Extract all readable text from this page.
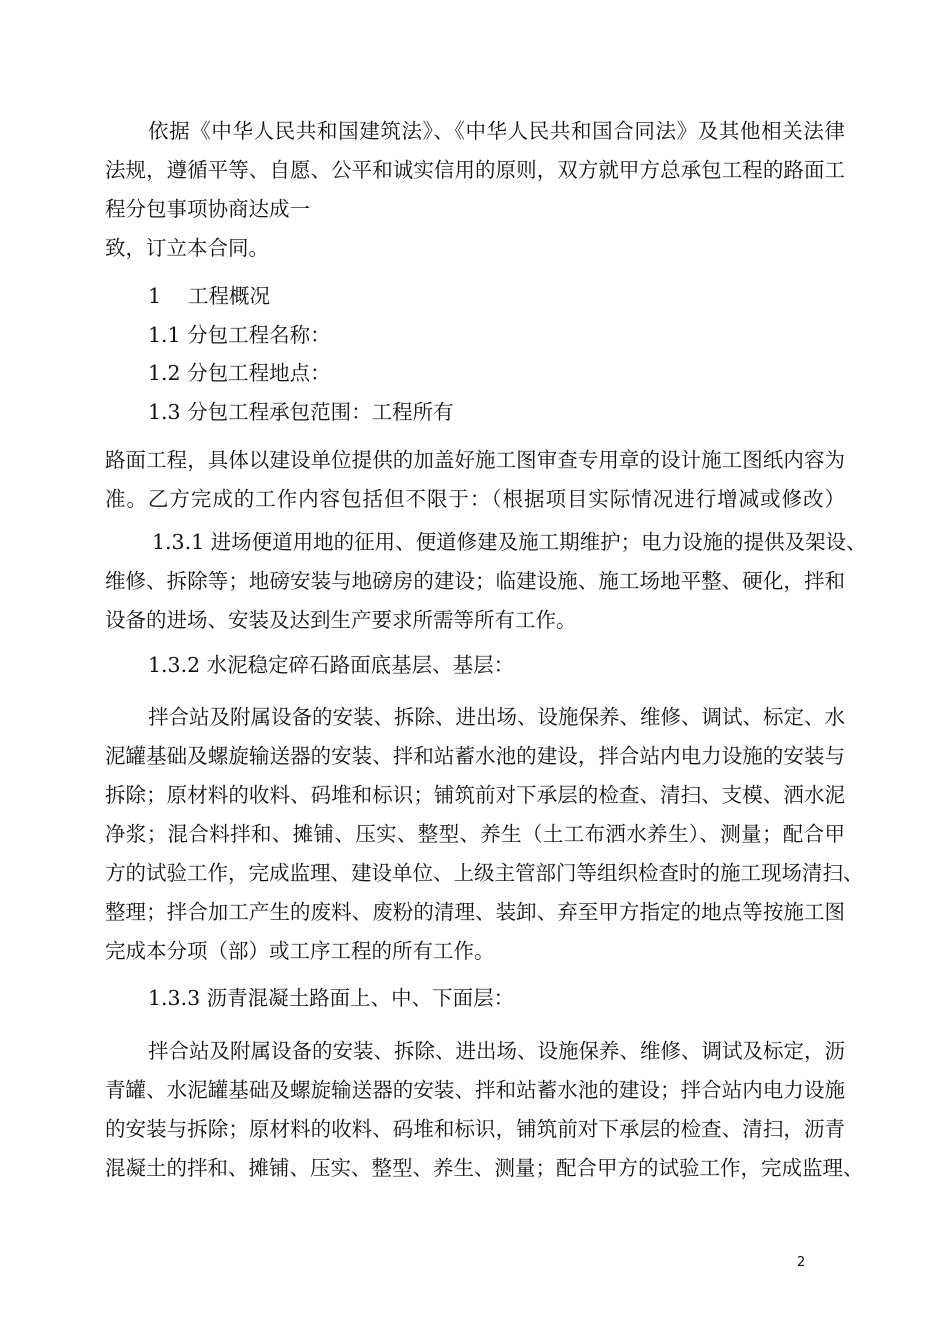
依据《中华人民共和国建筑法》、《中华人民共和国合同法》及其他相关法律
法规，遵循平等、自愿、公平和诚实信用的原则，双方就甲方总承包工程的路面工
程分包事项协商达成一
致，订立本合同。
1　 工程概况
1.1 分包工程名称：
1.2 分包工程地点：
1.3 分包工程承包范围：工程所有
路面工程，具体以建设单位提供的加盖好施工图审查专用章的设计施工图纸内容为
准。乙方完成的工作内容包括但不限于：（根据项目实际情况进行增减或修改）
1.3.1 进场便道用地的征用、便道修建及施工期维护；电力设施的提供及架设、
维修、拆除等；地磅安装与地磅房的建设；临建设施、施工场地平整、硬化，拌和
设备的进场、安装及达到生产要求所需等所有工作。
1.3.2 水泥稳定碎石路面底基层、基层：
拌合站及附属设备的安装、拆除、进出场、设施保养、维修、调试、标定、水
泥罐基础及螺旋输送器的安装、拌和站蓄水池的建设，拌合站内电力设施的安装与
拆除；原材料的收料、码堆和标识；铺筑前对下承层的检查、清扫、支模、洒水泥
净浆；混合料拌和、摊铺、压实、整型、养生（土工布洒水养生）、测量；配合甲
方的试验工作，完成监理、建设单位、上级主管部门等组织检查时的施工现场清扫、
整理；拌合加工产生的废料、废粉的清理、装卸、弃至甲方指定的地点等按施工图
完成本分项（部）或工序工程的所有工作。
1.3.3 沥青混凝土路面上、中、下面层：
拌合站及附属设备的安装、拆除、进出场、设施保养、维修、调试及标定，沥
青罐、水泥罐基础及螺旋输送器的安装、拌和站蓄水池的建设；拌合站内电力设施
的安装与拆除；原材料的收料、码堆和标识，铺筑前对下承层的检查、清扫，沥青
混凝土的拌和、摊铺、压实、整型、养生、测量；配合甲方的试验工作，完成监理、
2
